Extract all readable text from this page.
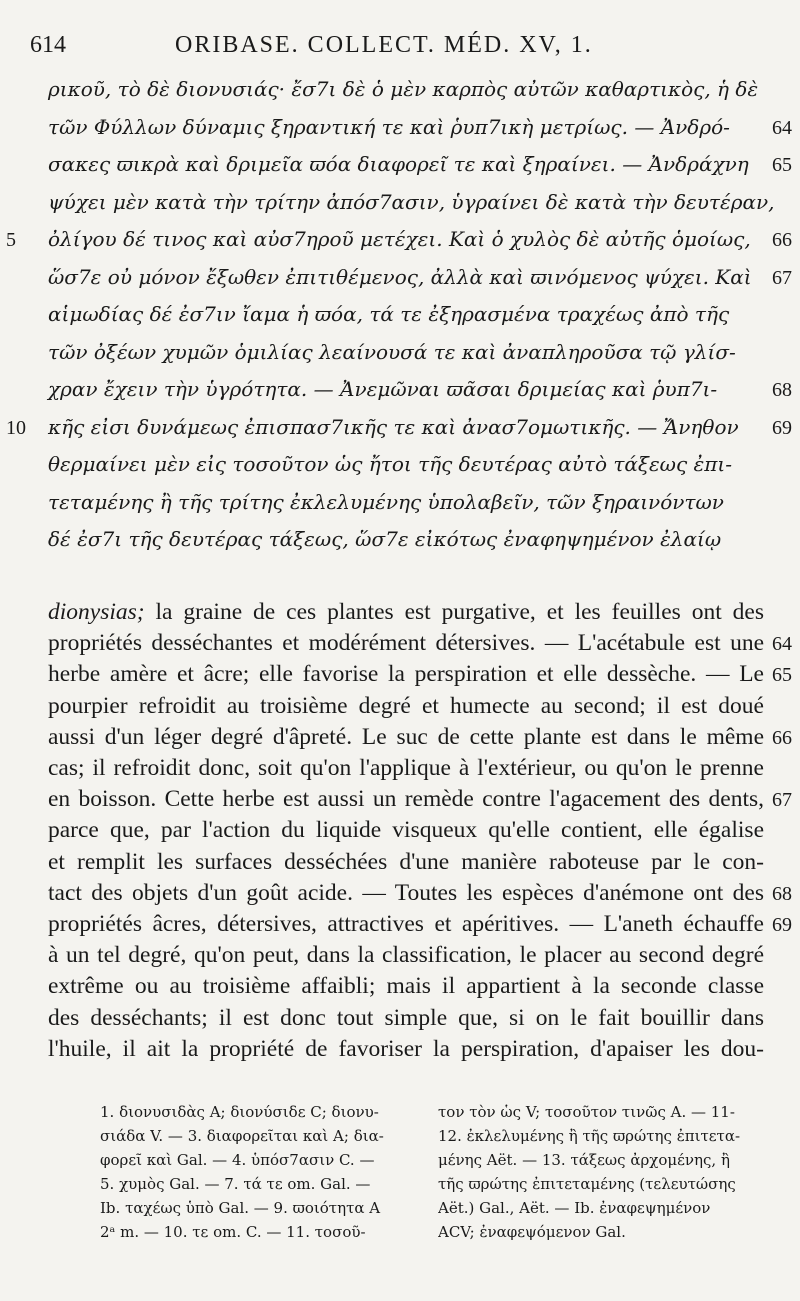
614	ORIBASE. COLLECT. MÉD. XV, 1.
ρικοῦ, τὸ δὲ διονυσιάς· ἔσ7ι δὲ ὁ μὲν καρπὸς αὐτῶν καθαρτικὸς, ἡ δὲ
τῶν Φύλλων δύναμις ξηραντική τε καὶ ῥυπ7ικὴ μετρίως. — Ἀνδρό-
σακες ϖικρὰ καὶ δριμεῖα ϖόα διαφορεῖ τε καὶ ξηραίνει. — Ἀνδράχνη
ψύχει μὲν κατὰ τὴν τρίτην ἀπόσ7ασιν, ὑγραίνει δὲ κατὰ τὴν δευτέραν,
ὀλίγου δέ τινος καὶ αὐσ7ηροῦ μετέχει. Καὶ ὁ χυλὸς δὲ αὐτῆς ὁμοίως,
ὥσ7ε οὐ μόνον ἔξωθεν ἐπιτιθέμενος, ἀλλὰ καὶ ϖινόμενος ψύχει. Καὶ
αἱμωδίας δέ ἐσ7ιν ἴαμα ἡ ϖόα, τά τε ἐξηρασμένα τραχέως ἀπὸ τῆς
τῶν ὀξέων χυμῶν ὁμιλίας λεαίνουσά τε καὶ ἀναπληροῦσα τῷ γλίσ-
χραν ἔχειν τὴν ὑγρότητα. — Ἀνεμῶναι ϖᾶσαι δριμείας καὶ ῥυπ7ι-
κῆς εἰσι δυνάμεως ἐπισπασ7ικῆς τε καὶ ἀνασ7ομωτικῆς. — Ἄνηθον
θερμαίνει μὲν εἰς τοσοῦτον ὡς ἤτοι τῆς δευτέρας αὐτὸ τάξεως ἐπι-
τεταμένης ἢ τῆς τρίτης ἐκλελυμένης ὑπολαβεῖν, τῶν ξηραινόντων
δέ ἐσ7ι τῆς δευτέρας τάξεως, ὥσ7ε εἰκότως ἐναφηψημένον ἐλαίῳ
5
10
64
65
66
67
68
69
dionysias; la graine de ces plantes est purgative, et les feuilles ont des
propriétés desséchantes et modérément détersives. — L'acétabule est une
herbe amère et âcre; elle favorise la perspiration et elle dessèche. — Le
pourpier refroidit au troisième degré et humecte au second; il est doué
aussi d'un léger degré d'âpreté. Le suc de cette plante est dans le même
cas; il refroidit donc, soit qu'on l'applique à l'extérieur, ou qu'on le prenne
en boisson. Cette herbe est aussi un remède contre l'agacement des dents,
parce que, par l'action du liquide visqueux qu'elle contient, elle égalise
et remplit les surfaces desséchées d'une manière raboteuse par le con-
tact des objets d'un goût acide. — Toutes les espèces d'anémone ont des
propriétés âcres, détersives, attractives et apéritives. — L'aneth échauffe
à un tel degré, qu'on peut, dans la classification, le placer au second degré
extrême ou au troisième affaibli; mais il appartient à la seconde classe
des desséchants; il est donc tout simple que, si on le fait bouillir dans
l'huile, il ait la propriété de favoriser la perspiration, d'apaiser les dou-
64
65
66
67
68
69
1. διονυσιδὰς A; διονύσιδε C; διονυ-
σιάδα V. — 3. διαφορεῖται καὶ A; δια-
φορεῖ καὶ Gal. — 4. ὑπόσ7ασιν C. —
5. χυμὸς Gal. — 7. τά τε om. Gal. —
Ib. ταχέως ὑπὸ Gal. — 9. ϖοιότητα A
2ᵃ m. — 10. τε om. C. — 11. τοσοῦ-
τον τὸν ὡς V; τοσοῦτον τινῶς A. — 11-
12. ἐκλελυμένης ἢ τῆς ϖρώτης ἐπιτετα-
μένης Aët. — 13. τάξεως ἀρχομένης, ἢ
τῆς ϖρώτης ἐπιτεταμένης (τελευτώσης
Aët.) Gal., Aët. — Ib. ἐναφεψημένον
ACV; ἐναφεψόμενον Gal.
